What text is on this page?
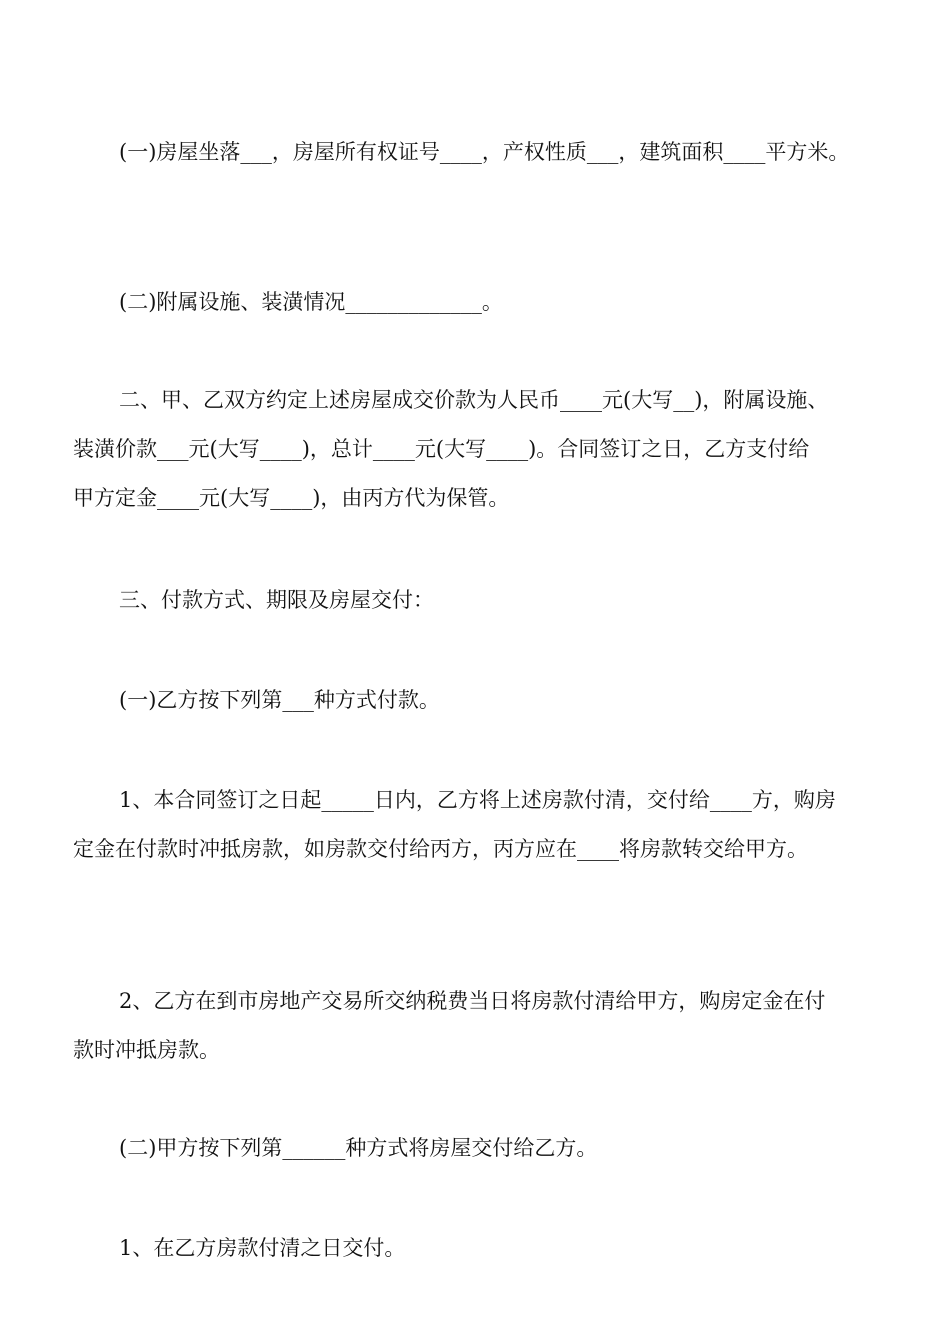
(一)房屋坐落___，房屋所有权证号____，产权性质___，建筑面积____平方米。

(二)附属设施、装潢情况_____________。

二、甲、乙双方约定上述房屋成交价款为人民币____元(大写__)，附属设施、
装潢价款___元(大写____)，总计____元(大写____)。合同签订之日，乙方支付给
甲方定金____元(大写____)，由丙方代为保管。

三、付款方式、期限及房屋交付：

(一)乙方按下列第___种方式付款。

1、本合同签订之日起_____日内，乙方将上述房款付清，交付给____方，购房
定金在付款时冲抵房款，如房款交付给丙方，丙方应在____将房款转交给甲方。

2、乙方在到市房地产交易所交纳税费当日将房款付清给甲方，购房定金在付
款时冲抵房款。

(二)甲方按下列第______种方式将房屋交付给乙方。

1、在乙方房款付清之日交付。
